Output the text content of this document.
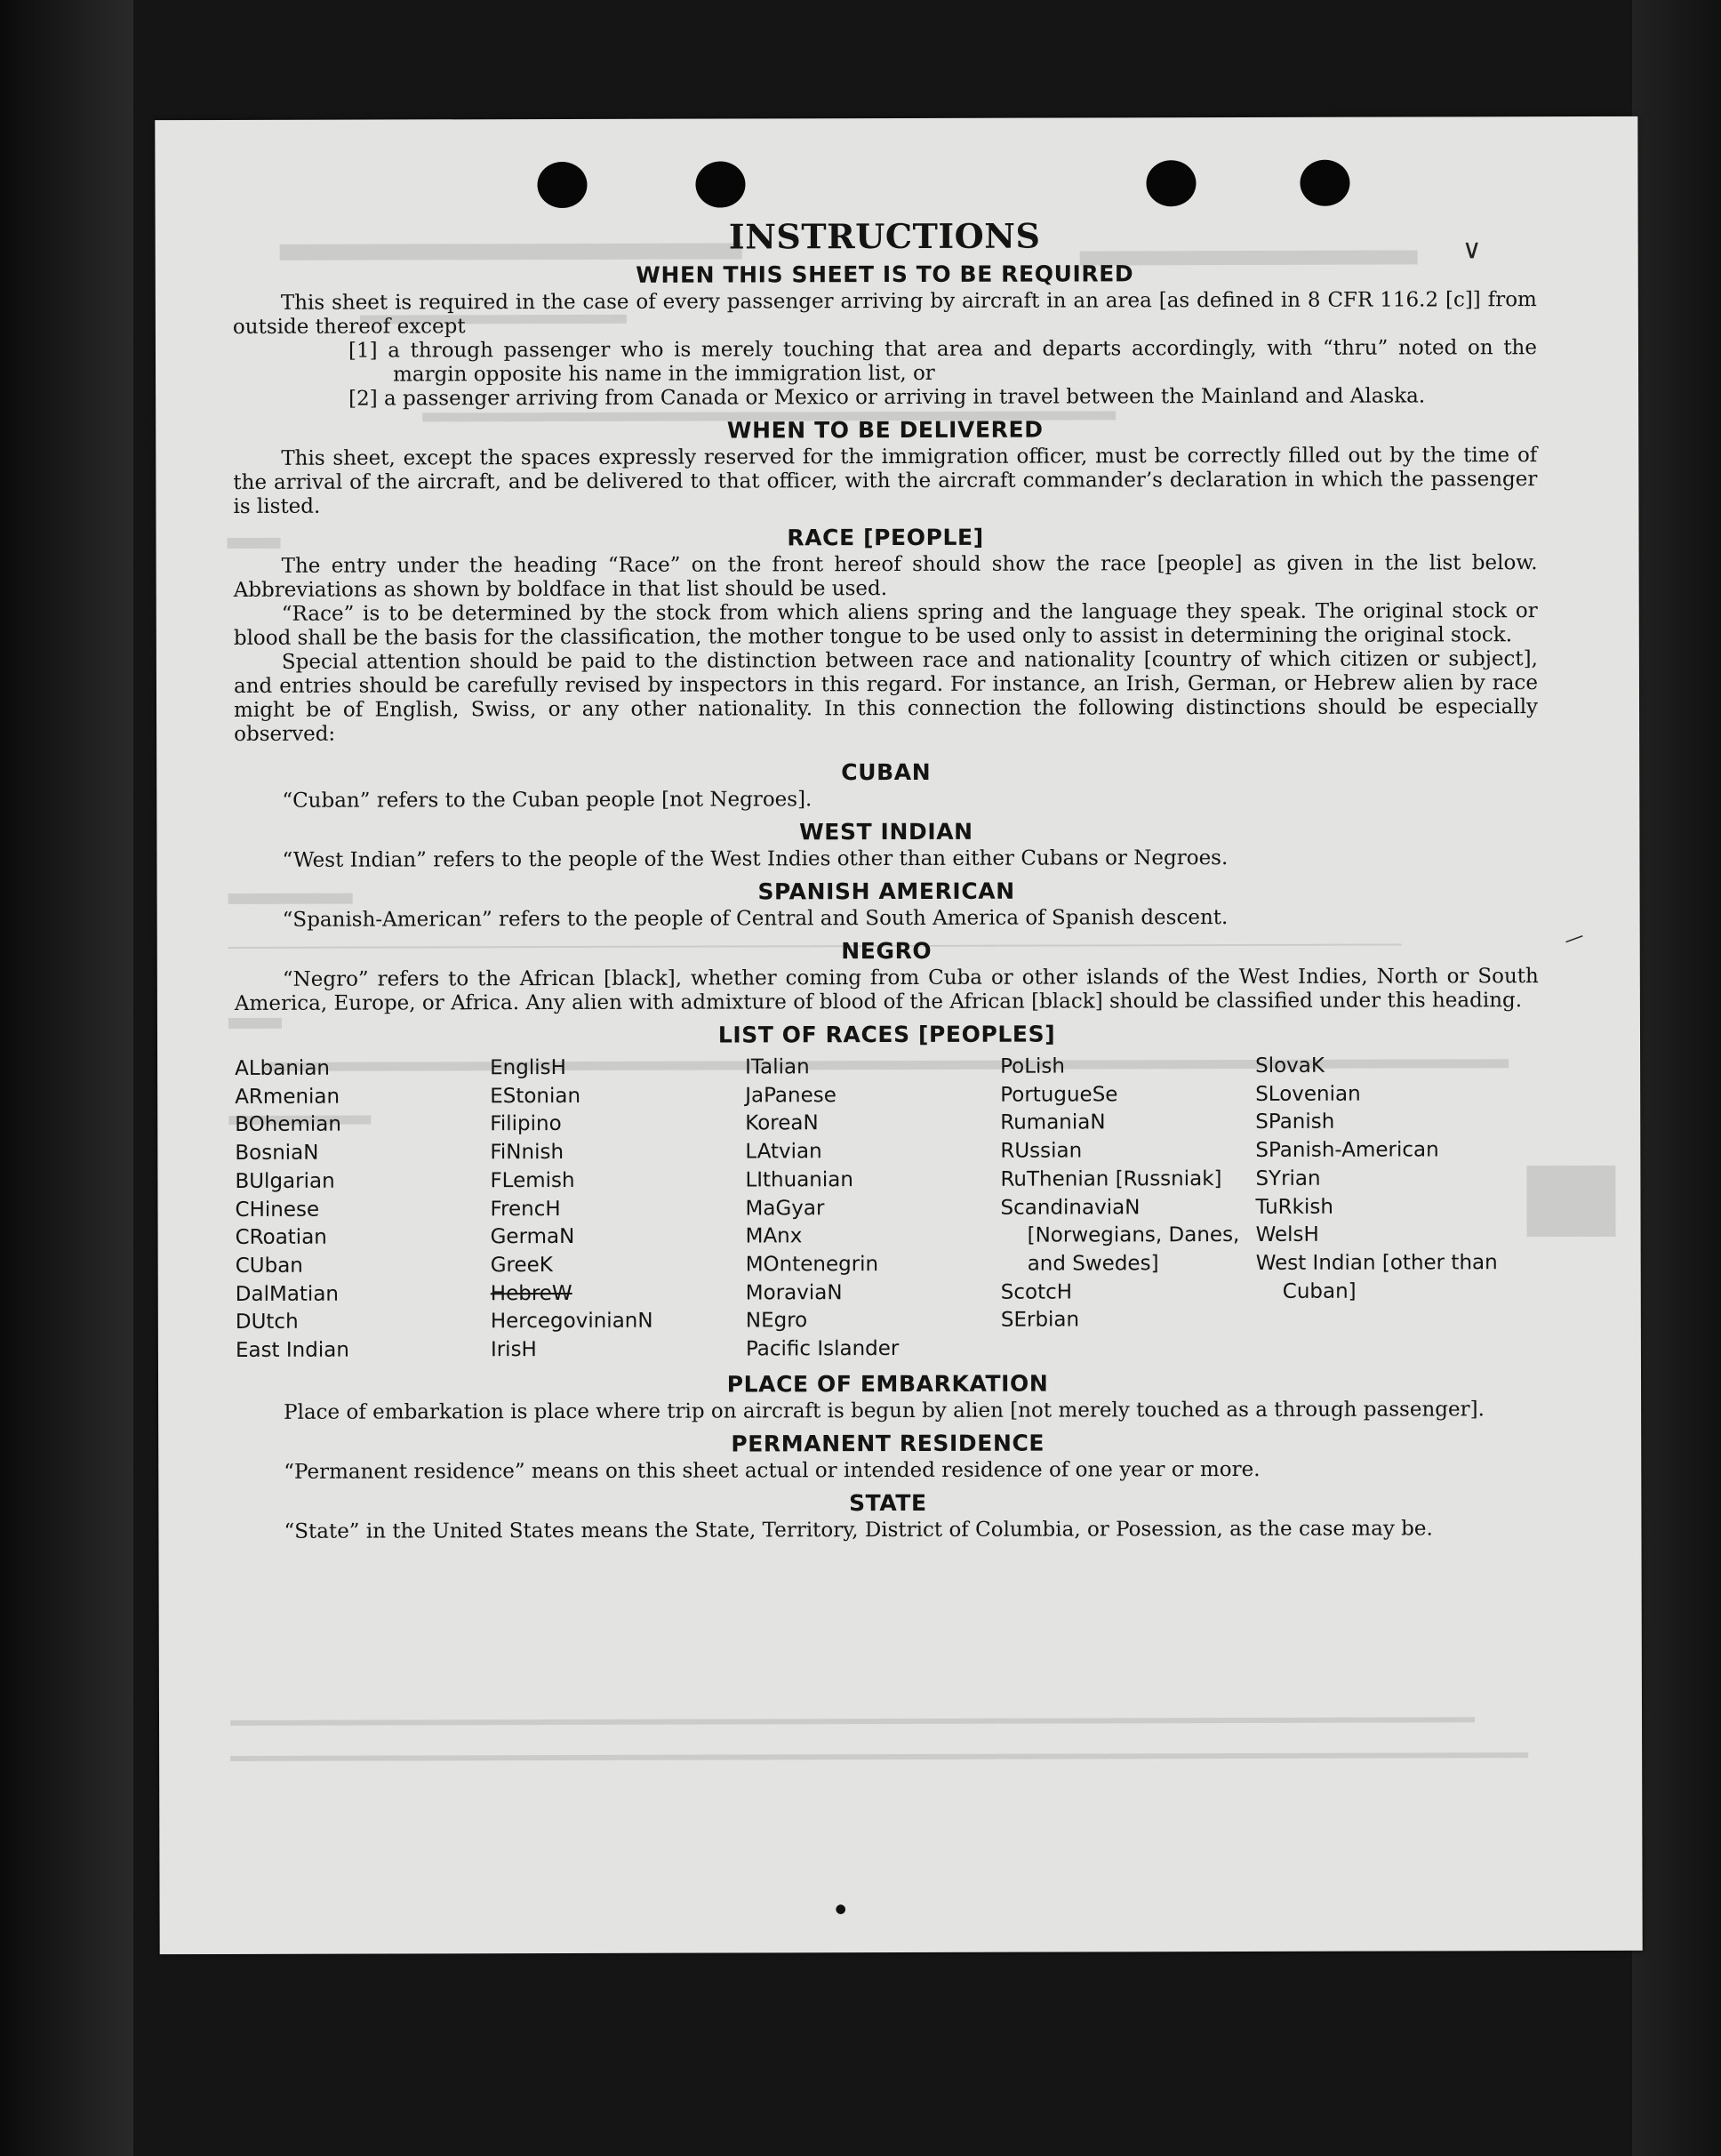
∨
—
●
INSTRUCTIONS
WHEN THIS SHEET IS TO BE REQUIRED

This sheet is required in the case of every passenger arriving by aircraft in an area [as defined in 8 CFR 116.2 [c]] from outside thereof except

[1] a through passenger who is merely touching that area and departs accordingly, with “thru” noted on the margin opposite his name in the immigration list, or

[2] a passenger arriving from Canada or Mexico or arriving in travel between the Mainland and Alaska.

WHEN TO BE DELIVERED

This sheet, except the spaces expressly reserved for the immigration officer, must be correctly filled out by the time of the arrival of the aircraft, and be delivered to that officer, with the aircraft commander’s declaration in which the passenger is listed.

RACE [PEOPLE]

The entry under the heading “Race” on the front hereof should show the race [people] as given in the list below. Abbreviations as shown by boldface in that list should be used.

“Race” is to be determined by the stock from which aliens spring and the language they speak. The original stock or blood shall be the basis for the classification, the mother tongue to be used only to assist in determining the original stock.

Special attention should be paid to the distinction between race and nationality [country of which citizen or subject], and entries should be carefully revised by inspectors in this regard. For instance, an Irish, German, or Hebrew alien by race might be of English, Swiss, or any other nationality. In this connection the following distinctions should be especially observed:

CUBAN

“Cuban” refers to the Cuban people [not Negroes].

WEST INDIAN

“West Indian” refers to the people of the West Indies other than either Cubans or Negroes.

SPANISH AMERICAN

“Spanish-American” refers to the people of Central and South America of Spanish descent.

NEGRO

“Negro” refers to the African [black], whether coming from Cuba or other islands of the West Indies, North or South America, Europe, or Africa. Any alien with admixture of blood of the African [black] should be classified under this heading.

LIST OF RACES [PEOPLES]
ALbanian
ARmenian
BOhemian
BosniaN
BUlgarian
CHinese
CRoatian
CUban
DalMatian
DUtch
East Indian
EnglisH
EStonian
Filipino
FiNnish
FLemish
FrencH
GermaN
GreeK
HebreW
HercegovinianN
IrisH
ITalian
JaPanese
KoreaN
LAtvian
LIthuanian
MaGyar
MAnx
MOntenegrin
MoraviaN
NEgro
Pacific Islander
PoLish
PortugueSe
RumaniaN
RUssian
RuThenian [Russniak]
ScandinaviaN [Norwegians, Danes, and Swedes]
ScotcH
SErbian
SlovaK
SLovenian
SPanish
SPanish-American
SYrian
TuRkish
WelsH
West Indian [other than Cuban]
PLACE OF EMBARKATION

Place of embarkation is place where trip on aircraft is begun by alien [not merely touched as a through passenger].

PERMANENT RESIDENCE

“Permanent residence” means on this sheet actual or intended residence of one year or more.

STATE

“State” in the United States means the State, Territory, District of Columbia, or Posession, as the case may be.
